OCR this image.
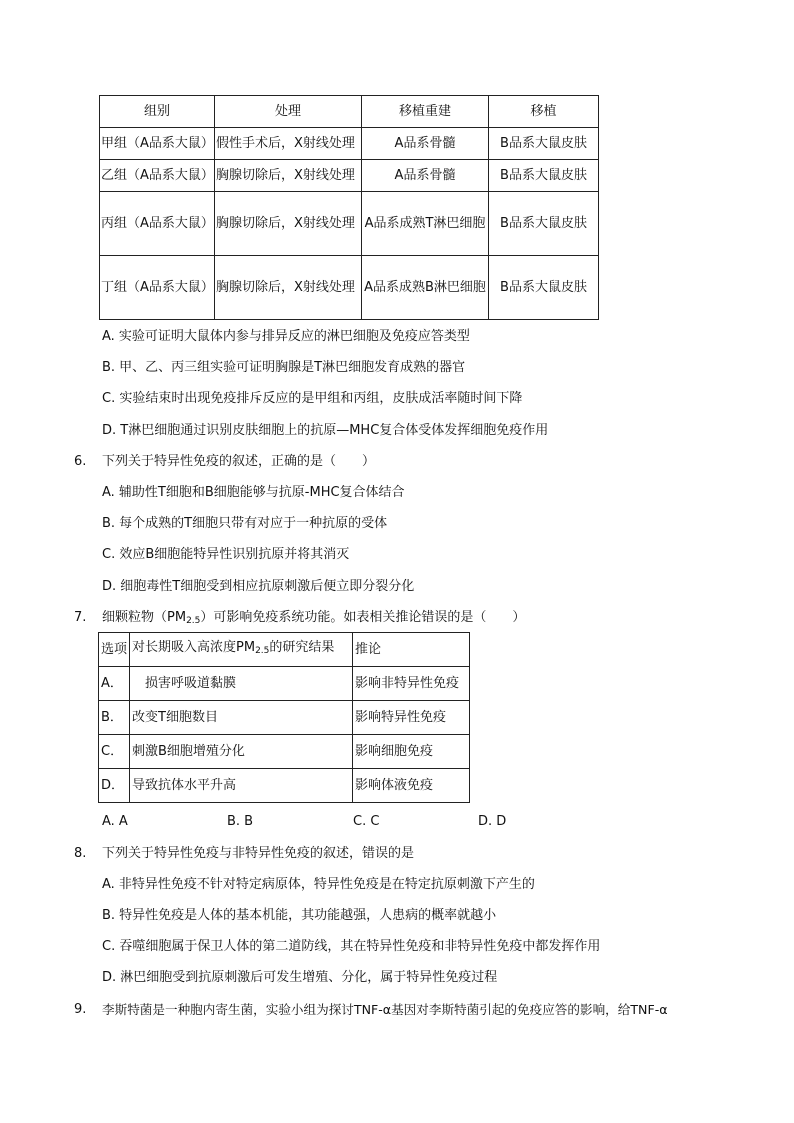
组别	处理	移植重建	移植
甲组（A品系大鼠）	假性手术后，X射线处理	A品系骨髓	B品系大鼠皮肤
乙组（A品系大鼠）	胸腺切除后，X射线处理	A品系骨髓	B品系大鼠皮肤
丙组（A品系大鼠）	胸腺切除后，X射线处理	A品系成熟T淋巴细胞	B品系大鼠皮肤
丁组（A品系大鼠）	胸腺切除后，X射线处理	A品系成熟B淋巴细胞	B品系大鼠皮肤
A. 实验可证明大鼠体内参与排异反应的淋巴细胞及免疫应答类型
B. 甲、乙、丙三组实验可证明胸腺是T淋巴细胞发育成熟的器官
C. 实验结束时出现免疫排斥反应的是甲组和丙组，皮肤成活率随时间下降
D. T淋巴细胞通过识别皮肤细胞上的抗原—MHC复合体受体发挥细胞免疫作用
6. 下列关于特异性免疫的叙述，正确的是（　　）
A. 辅助性T细胞和B细胞能够与抗原-MHC复合体结合
B. 每个成熟的T细胞只带有对应于一种抗原的受体
C. 效应B细胞能特异性识别抗原并将其消灭
D. 细胞毒性T细胞受到相应抗原刺激后便立即分裂分化
7. 细颗粒物$(PM_{2.5})$可影响免疫系统功能。如表相关推论错误的是（　　）
选项	对长期吸入高浓度$PM_{2.5}$的研究结果	推论
A．	　损害呼吸道黏膜	影响非特异性免疫
B．	改变T细胞数目	影响特异性免疫
C．	刺激B细胞增殖分化	影响细胞免疫
D．	导致抗体水平升高	影响体液免疫
A. A	B. B	C. C	D. D
8. 下列关于特异性免疫与非特异性免疫的叙述，错误的是
A. 非特异性免疫不针对特定病原体，特异性免疫是在特定抗原刺激下产生的
B. 特异性免疫是人体的基本机能，其功能越强，人患病的概率就越小
C. 吞噬细胞属于保卫人体的第二道防线，其在特异性免疫和非特异性免疫中都发挥作用
D. 淋巴细胞受到抗原刺激后可发生增殖、分化，属于特异性免疫过程
9. 李斯特菌是一种胞内寄生菌，实验小组为探讨TNF-α基因对李斯特菌引起的免疫应答的影响，给TNF-α
